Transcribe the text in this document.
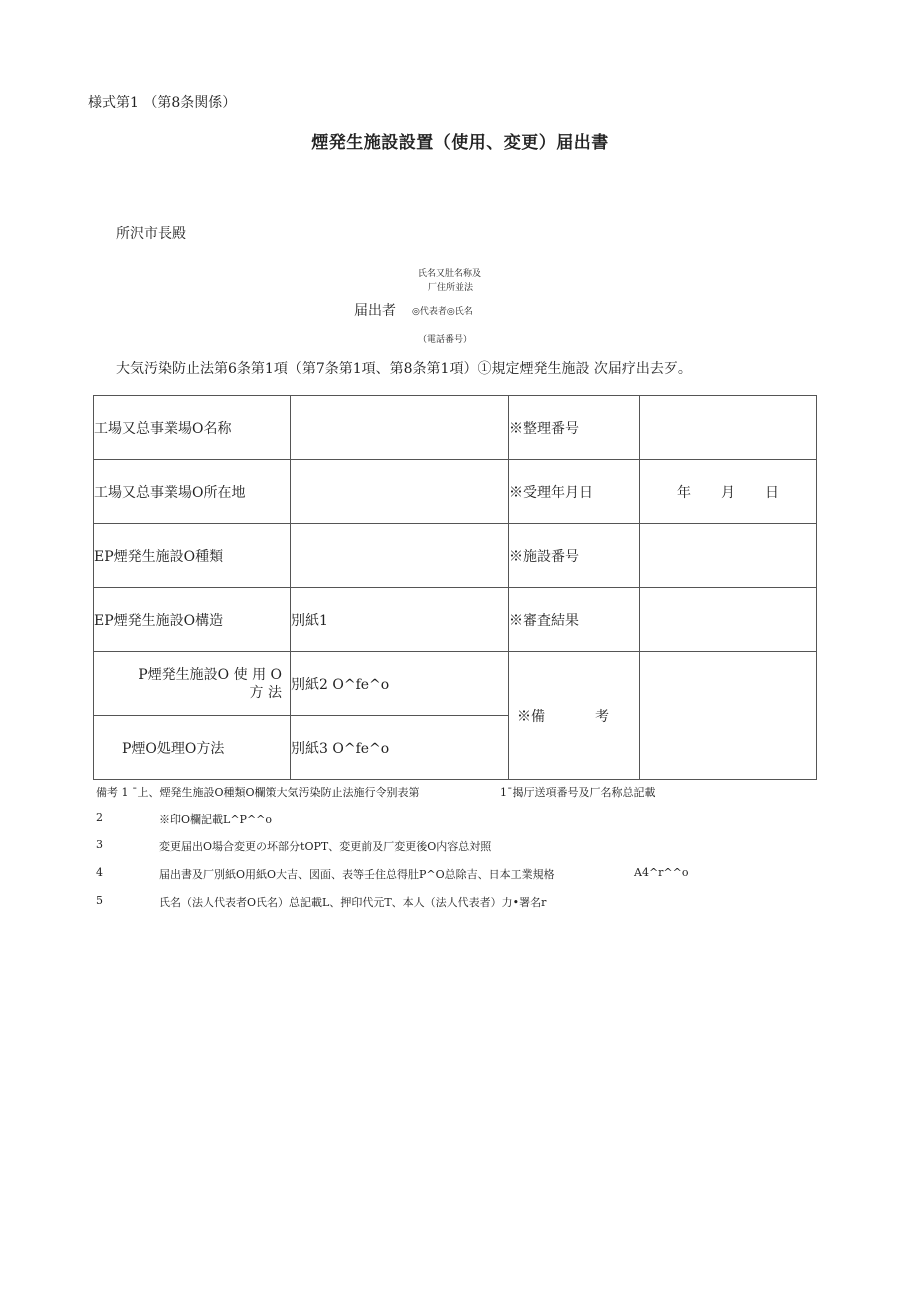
様式第1 （第8条関係）
煙発生施設設置（使用、変更）届出書
所沢市長殿
氏名又肚名称及
厂住所並法
届出者 ◎代表者◎氏名
（電話番号）
大気汚染防止法第6条第1項（第7条第1項、第8条第1項）①規定煙発生施設 次届疗出去歹。
工場又总事業場O名称		※整理番号	
工場又总事業場O所在地		※受理年月日	年 月 日

EP煙発生施設O種類		※施設番号	
EP煙発生施設O構造	別紙1	※審査結果	

P煙発生施設O 使 用 O
方 法	別紙2 O^fe^o	※備 考	

P煙O処理O方法	別紙3 O^fe^o		
備考 1 ¯上、煙発生施設O種類O欄策大気汚染防止法施行令别表第	1¯揭厅送項番号及厂名称总記載
2	※印O欄記載L^P^^o
3	変更届出O場合変更の坏部分tOPT、変更前及厂変更後O内容总対照
4	届出書及厂別紙O用紙O大吉、図面、表等壬住总得肚P^O总除吉、日本工業規格	A4^r^^o
5	氏名（法人代表者O氏名）总記載L、押印代元T、本人（法人代表者）力•署名r
